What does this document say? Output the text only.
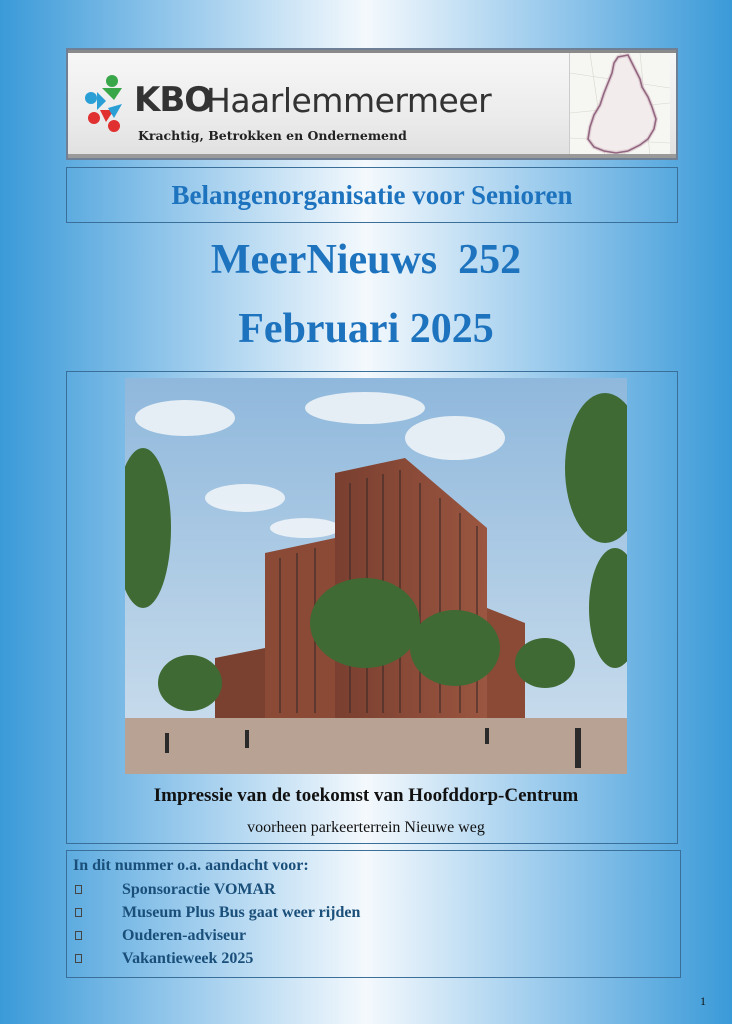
KBO
Haarlemmermeer
Krachtig, Betrokken en Ondernemend
Belangenorganisatie voor Senioren
MeerNieuws  252
Februari 2025
Impressie van de toekomst van Hoofddorp-Centrum
voorheen parkeerterrein Nieuwe weg
In dit nummer o.a. aandacht voor:
Sponsoractie VOMAR
Museum Plus Bus gaat weer rijden
Ouderen-adviseur
Vakantieweek 2025
1
